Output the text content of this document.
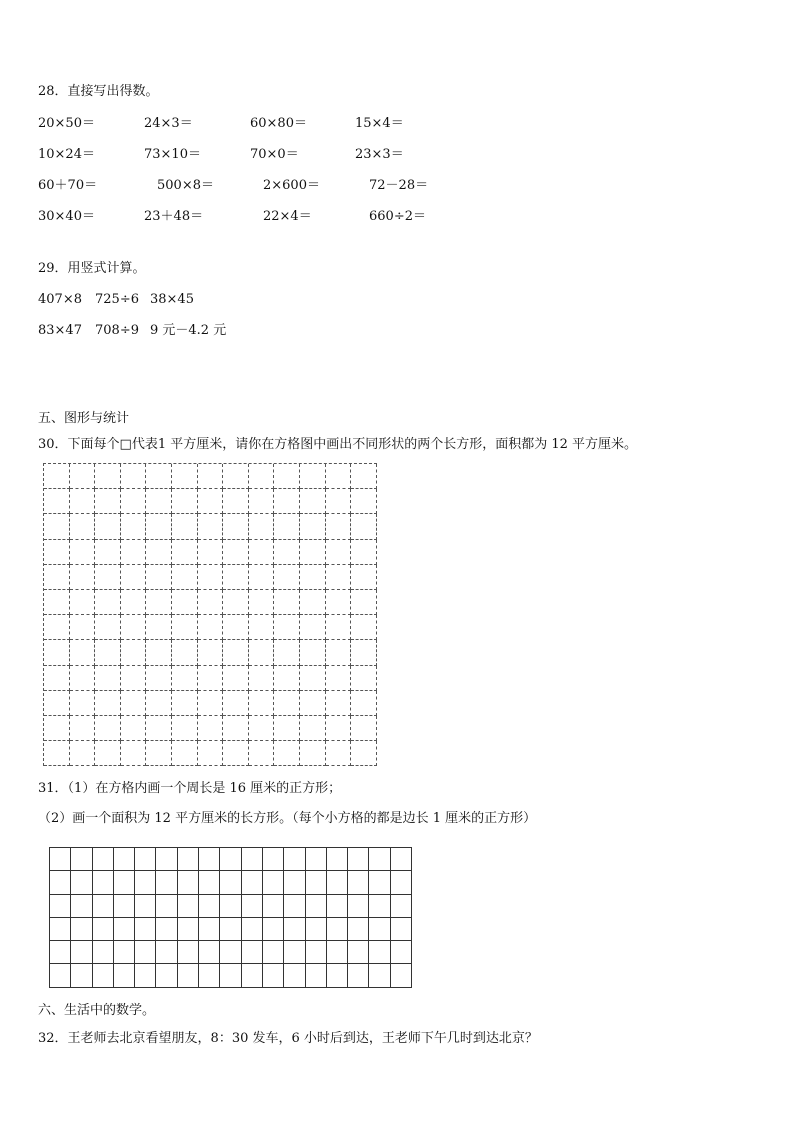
28．直接写出得数。
20×50＝	24×3＝	60×80＝	15×4＝
10×24＝	73×10＝	70×0＝	23×3＝
60＋70＝	500×8＝	2×600＝	72－28＝
30×40＝	23＋48＝	22×4＝	660÷2＝
29．用竖式计算。
407×8 725÷6 38×45
83×47 708÷9 9 元－4.2 元
五、图形与统计
30．下面每个□代表1 平方厘米，请你在方格图中画出不同形状的两个长方形，面积都为 12 平方厘米。
31．（1）在方格内画一个周长是 16 厘米的正方形；
（2）画一个面积为 12 平方厘米的长方形。（每个小方格的都是边长 1 厘米的正方形）
六、生活中的数学。
32．王老师去北京看望朋友，8：30 发车，6 小时后到达，王老师下午几时到达北京？
